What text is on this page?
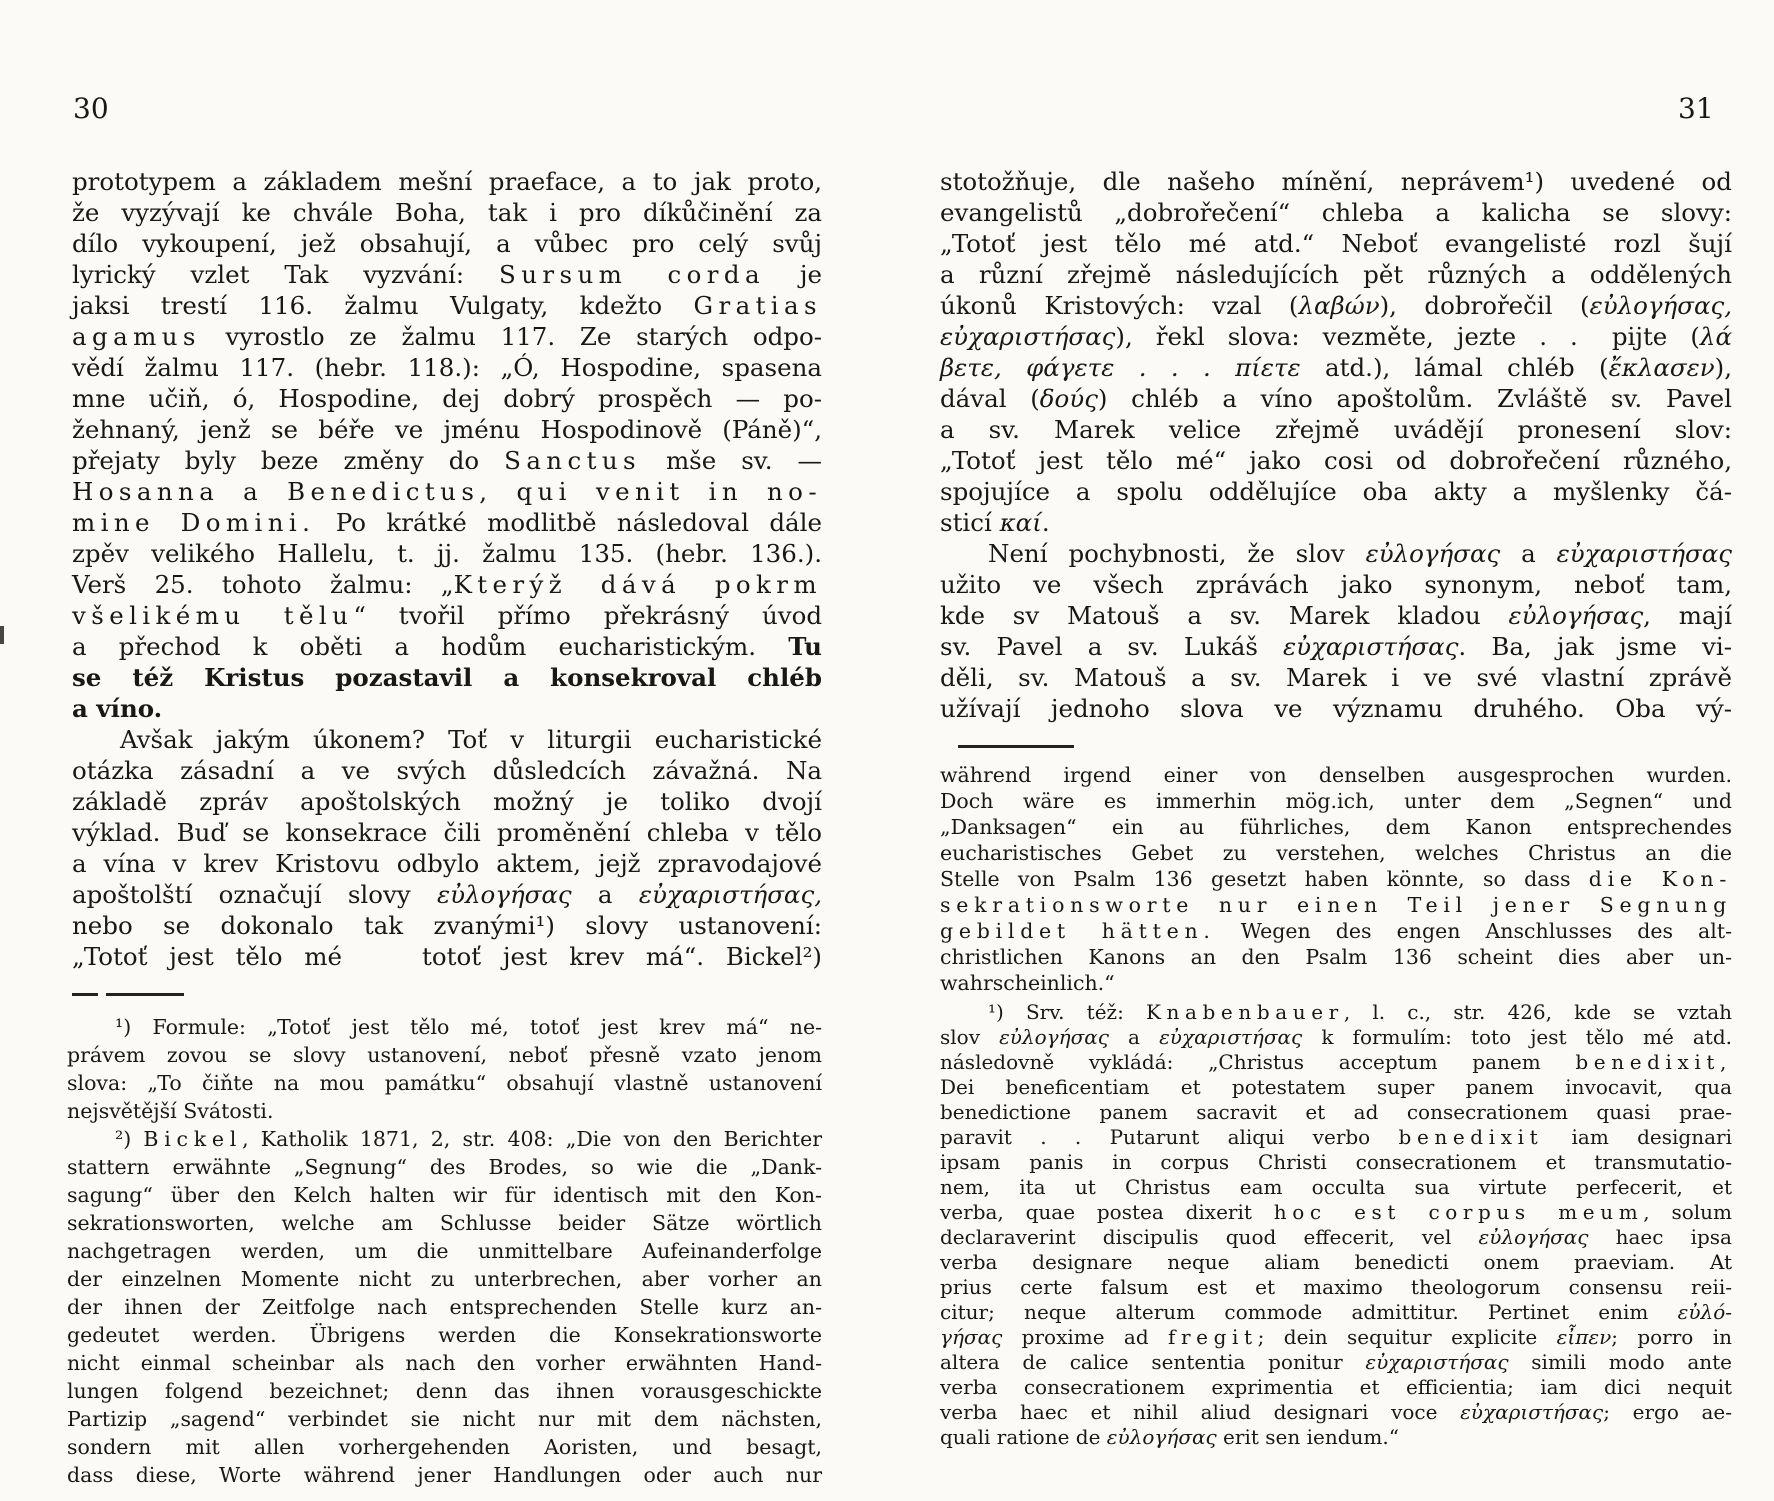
30	31
prototypem a základem mešní praeface, a to jak proto,
že vyzývají ke chvále Boha, tak i pro díkůčinění za
dílo vykoupení, jež obsahují, a vůbec pro celý svůj
lyrický vzlet Tak vyzvání: Sursum corda je
jaksi trestí 116. žalmu Vulgaty, kdežto Gratias
agamus vyrostlo ze žalmu 117. Ze starých odpo-
vědí žalmu 117. (hebr. 118.): „Ó, Hospodine, spasena
mne učiň, ó, Hospodine, dej dobrý prospěch — po-
žehnaný, jenž se béře ve jménu Hospodinově (Páně)“,
přejaty byly beze změny do Sanctus mše sv. —
Hosanna a Benedictus, qui venit in no-
mine Domini. Po krátké modlitbě následoval dále
zpěv velikého Hallelu, t. jj. žalmu 135. (hebr. 136.).
Verš 25. tohoto žalmu: „Kterýž dává pokrm
všelikému tělu“ tvořil přímo překrásný úvod
a přechod k oběti a hodům eucharistickým. Tu
se též Kristus pozastavil a konsekroval chléb
a víno.
Avšak jakým úkonem? Toť v liturgii eucharistické
otázka zásadní a ve svých důsledcích závažná. Na
základě zpráv apoštolských možný je toliko dvojí
výklad. Buď se konsekrace čili proměnění chleba v tělo
a vína v krev Kristovu odbylo aktem, jejž zpravodajové
apoštolští označují slovy εὐλογήσας a εὐχαριστήσας,
nebo se dokonalo tak zvanými¹) slovy ustanovení:
„Totoť jest tělo mé	totoť jest krev má“. Bickel²)
¹) Formule: „Totoť jest tělo mé, totoť jest krev má“ ne-
právem zovou se slovy ustanovení, neboť přesně vzato jenom
slova: „To čiňte na mou památku“ obsahují vlastně ustanovení
nejsvětější Svátosti.
²) Bickel, Katholik 1871, 2, str. 408: „Die von den Berichter
stattern erwähnte „Segnung“ des Brodes, so wie die „Dank-
sagung“ über den Kelch halten wir für identisch mit den Kon-
sekrationsworten, welche am Schlusse beider Sätze wörtlich
nachgetragen werden, um die unmittelbare Aufeinanderfolge
der einzelnen Momente nicht zu unterbrechen, aber vorher an
der ihnen der Zeitfolge nach entsprechenden Stelle kurz an-
gedeutet werden. Übrigens werden die Konsekrationsworte
nicht einmal scheinbar als nach den vorher erwähnten Hand-
lungen folgend bezeichnet; denn das ihnen vorausgeschickte
Partizip „sagend“ verbindet sie nicht nur mit dem nächsten,
sondern mit allen vorhergehenden Aoristen, und besagt,
dass diese, Worte während jener Handlungen oder auch nur
stotožňuje, dle našeho mínění, neprávem¹) uvedené od
evangelistů „dobrořečení“ chleba a kalicha se slovy:
„Totoť jest tělo mé atd.“ Neboť evangelisté rozl šují
a různí zřejmě následujících pět různých a oddělených
úkonů Kristových: vzal (λαβών), dobrořečil (εὐλογήσας,
εὐχαριστήσας), řekl slova: vezměte, jezte . . pijte (λά
βετε, φάγετε . . . πίετε atd.), lámal chléb (ἔκλασεν),
dával (δούς) chléb a víno apoštolům. Zvláště sv. Pavel
a sv. Marek velice zřejmě uvádějí pronesení slov:
„Totoť jest tělo mé“ jako cosi od dobrořečení různého,
spojujíce a spolu oddělujíce oba akty a myšlenky čá-
sticí καί.
Není pochybnosti, že slov εὐλογήσας a εὐχαριστήσας
užito ve všech zprávách jako synonym, neboť tam,
kde sv Matouš a sv. Marek kladou εὐλογήσας, mají
sv. Pavel a sv. Lukáš εὐχαριστήσας. Ba, jak jsme vi-
děli, sv. Matouš a sv. Marek i ve své vlastní zprávě
užívají jednoho slova ve významu druhého. Oba vý-
während irgend einer von denselben ausgesprochen wurden.
Doch wäre es immerhin mög.ich, unter dem „Segnen“ und
„Danksagen“ ein au führliches, dem Kanon entsprechendes
eucharistisches Gebet zu verstehen, welches Christus an die
Stelle von Psalm 136 gesetzt haben könnte, so dass die Kon-
sekrationsworte nur einen Teil jener Segnung
gebildet hätten. Wegen des engen Anschlusses des alt-
christlichen Kanons an den Psalm 136 scheint dies aber un-
wahrscheinlich.“
¹) Srv. též: Knabenbauer, l. c., str. 426, kde se vztah
slov εὐλογήσας a εὐχαριστήσας k formulím: toto jest tělo mé atd.
následovně vykládá: „Christus acceptum panem benedixit,
Dei beneficentiam et potestatem super panem invocavit, qua
benedictione panem sacravit et ad consecrationem quasi prae-
paravit . . Putarunt aliqui verbo benedixit iam designari
ipsam panis in corpus Christi consecrationem et transmutatio-
nem, ita ut Christus eam occulta sua virtute perfecerit, et
verba, quae postea dixerit hoc est corpus meum, solum
declaraverint discipulis quod effecerit, vel εὐλογήσας haec ipsa
verba designare neque aliam benedicti onem praeviam. At
prius certe falsum est et maximo theologorum consensu reii-
citur; neque alterum commode admittitur. Pertinet enim εὐλό-
γήσας proxime ad fregit; dein sequitur explicite εἶπεν; porro in
altera de calice sententia ponitur εὐχαριστήσας simili modo ante
verba consecrationem exprimentia et efficientia; iam dici nequit
verba haec et nihil aliud designari voce εὐχαριστήσας; ergo ae-
quali ratione de εὐλογήσας erit sen iendum.“
